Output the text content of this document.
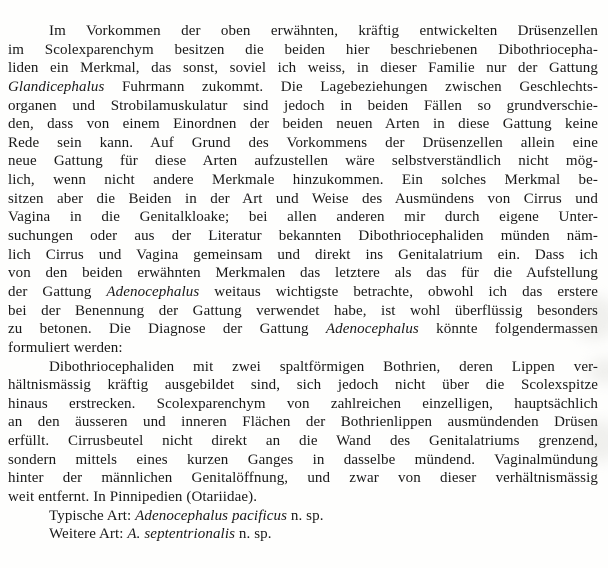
Im Vorkommen der oben erwähnten, kräftig entwickelten Drüsenzellen
im Scolexparenchym besitzen die beiden hier beschriebenen Dibothriocepha-
liden ein Merkmal, das sonst, soviel ich weiss, in dieser Familie nur der Gattung
Glandicephalus Fuhrmann zukommt. Die Lagebeziehungen zwischen Geschlechts-
organen und Strobilamuskulatur sind jedoch in beiden Fällen so grundverschie-
den, dass von einem Einordnen der beiden neuen Arten in diese Gattung keine
Rede sein kann. Auf Grund des Vorkommens der Drüsenzellen allein eine
neue Gattung für diese Arten aufzustellen wäre selbstverständlich nicht mög-
lich, wenn nicht andere Merkmale hinzukommen. Ein solches Merkmal be-
sitzen aber die Beiden in der Art und Weise des Ausmündens von Cirrus und
Vagina in die Genitalkloake; bei allen anderen mir durch eigene Unter-
suchungen oder aus der Literatur bekannten Dibothriocephaliden münden näm-
lich Cirrus und Vagina gemeinsam und direkt ins Genitalatrium ein. Dass ich
von den beiden erwähnten Merkmalen das letztere als das für die Aufstellung
der Gattung Adenocephalus weitaus wichtigste betrachte, obwohl ich das erstere
bei der Benennung der Gattung verwendet habe, ist wohl überflüssig besonders
zu betonen. Die Diagnose der Gattung Adenocephalus könnte folgendermassen
formuliert werden:
Dibothriocephaliden mit zwei spaltförmigen Bothrien, deren Lippen ver-
hältnismässig kräftig ausgebildet sind, sich jedoch nicht über die Scolexspitze
hinaus erstrecken. Scolexparenchym von zahlreichen einzelligen, hauptsächlich
an den äusseren und inneren Flächen der Bothrienlippen ausmündenden Drüsen
erfüllt. Cirrusbeutel nicht direkt an die Wand des Genitalatriums grenzend,
sondern mittels eines kurzen Ganges in dasselbe mündend. Vaginalmündung
hinter der männlichen Genitalöffnung, und zwar von dieser verhältnismässig
weit entfernt. In Pinnipedien (Otariidae).
Typische Art: Adenocephalus pacificus n. sp.
Weitere Art: A. septentrionalis n. sp.
